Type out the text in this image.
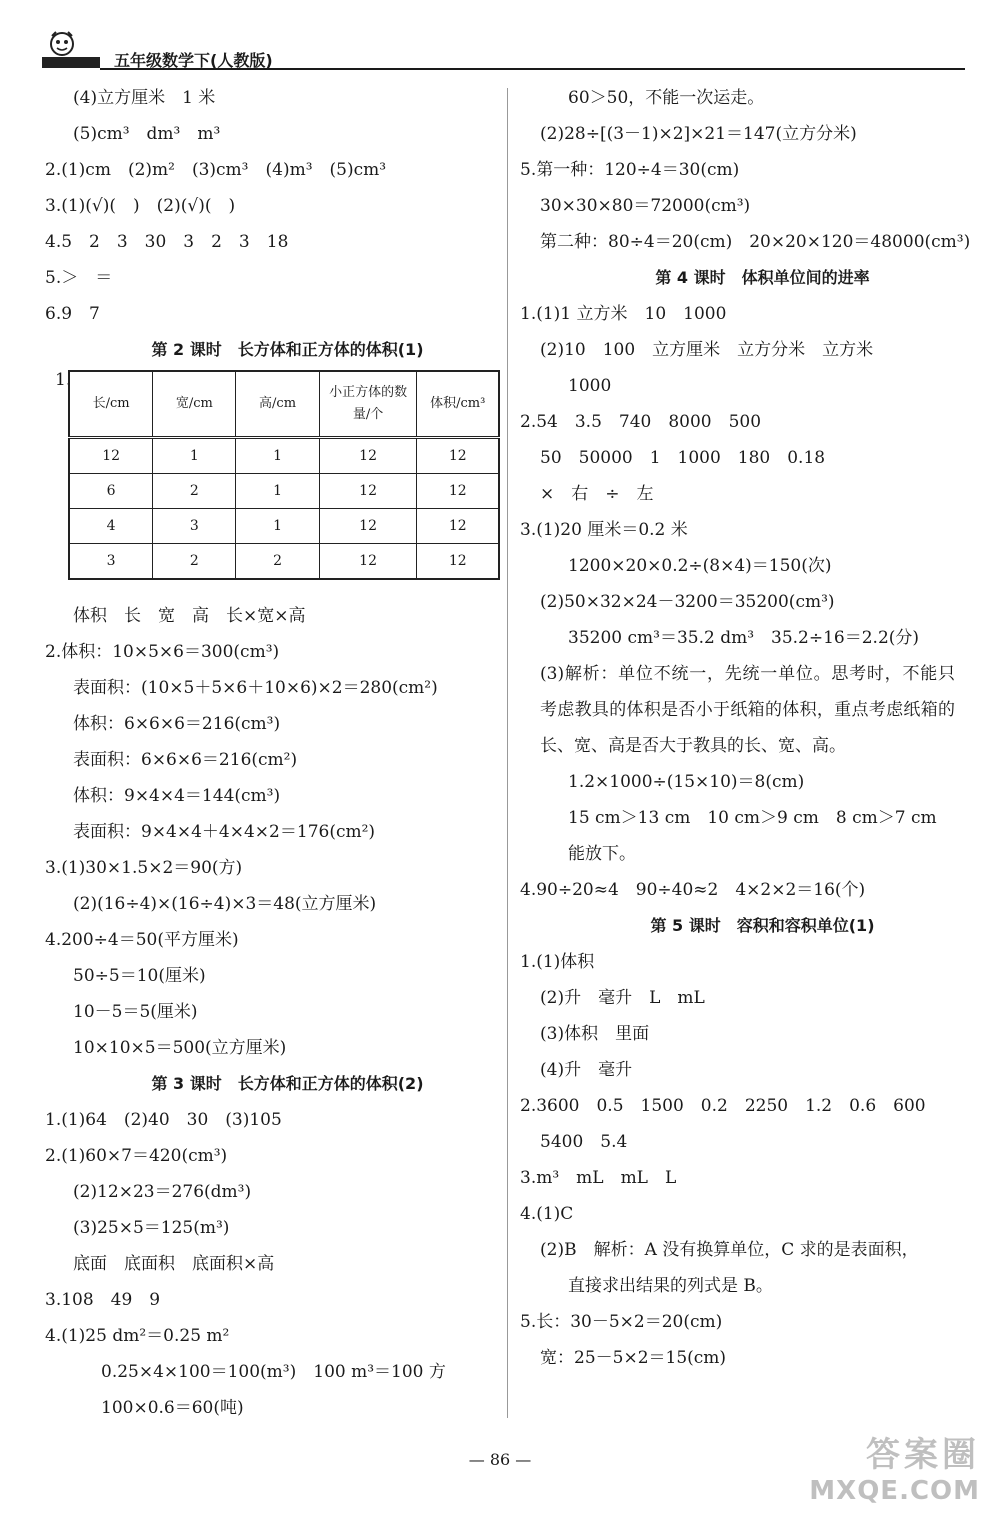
五年级数学下(人教版)
(4)立方厘米　1 米
(5)cm³　dm³　m³
2.(1)cm　(2)m²　(3)cm³　(4)m³　(5)cm³
3.(1)(√)(　)　(2)(√)(　)
4.5　2　3　30　3　2　3　18
5.＞　＝
6.9　7
第 2 课时　长方体和正方体的体积(1)
1.
长/cm	宽/cm	高/cm	小正方体的数量/个	体积/cm³
12	1	1	12	12
6	2	1	12	12
4	3	1	12	12
3	2	2	12	12
体积　长　宽　高　长×宽×高
2.体积：10×5×6＝300(cm³)
表面积：(10×5＋5×6＋10×6)×2＝280(cm²)
体积：6×6×6＝216(cm³)
表面积：6×6×6＝216(cm²)
体积：9×4×4＝144(cm³)
表面积：9×4×4＋4×4×2＝176(cm²)
3.(1)30×1.5×2＝90(方)
(2)(16÷4)×(16÷4)×3＝48(立方厘米)
4.200÷4＝50(平方厘米)
50÷5＝10(厘米)
10－5＝5(厘米)
10×10×5＝500(立方厘米)
第 3 课时　长方体和正方体的体积(2)
1.(1)64　(2)40　30　(3)105
2.(1)60×7＝420(cm³)
(2)12×23＝276(dm³)
(3)25×5＝125(m³)
底面　底面积　底面积×高
3.108　49　9
4.(1)25 dm²＝0.25 m²
0.25×4×100＝100(m³)　100 m³＝100 方
100×0.6＝60(吨)
60＞50，不能一次运走。
(2)28÷[(3－1)×2]×21＝147(立方分米)
5.第一种：120÷4＝30(cm)
30×30×80＝72000(cm³)
第二种：80÷4＝20(cm)　20×20×120＝48000(cm³)
第 4 课时　体积单位间的进率
1.(1)1 立方米　10　1000
(2)10　100　立方厘米　立方分米　立方米
1000
2.54　3.5　740　8000　500
50　50000　1　1000　180　0.18
×　右　÷　左
3.(1)20 厘米＝0.2 米
1200×20×0.2÷(8×4)＝150(次)
(2)50×32×24－3200＝35200(cm³)
35200 cm³＝35.2 dm³　35.2÷16＝2.2(分)
(3)解析：单位不统一，先统一单位。思考时，不能只考虑教具的体积是否小于纸箱的体积，重点考虑纸箱的长、宽、高是否大于教具的长、宽、高。
1.2×1000÷(15×10)＝8(cm)
15 cm＞13 cm　10 cm＞9 cm　8 cm＞7 cm
能放下。
4.90÷20≈4　90÷40≈2　4×2×2＝16(个)
第 5 课时　容积和容积单位(1)
1.(1)体积
(2)升　毫升　L　mL
(3)体积　里面
(4)升　毫升
2.3600　0.5　1500　0.2　2250　1.2　0.6　600
5400　5.4
3.m³　mL　mL　L
4.(1)C
(2)B　解析：A 没有换算单位，C 求的是表面积，
直接求出结果的列式是 B。
5.长：30－5×2＝20(cm)
宽：25－5×2＝15(cm)
— 86 —	答案圈
MXQE.COM
